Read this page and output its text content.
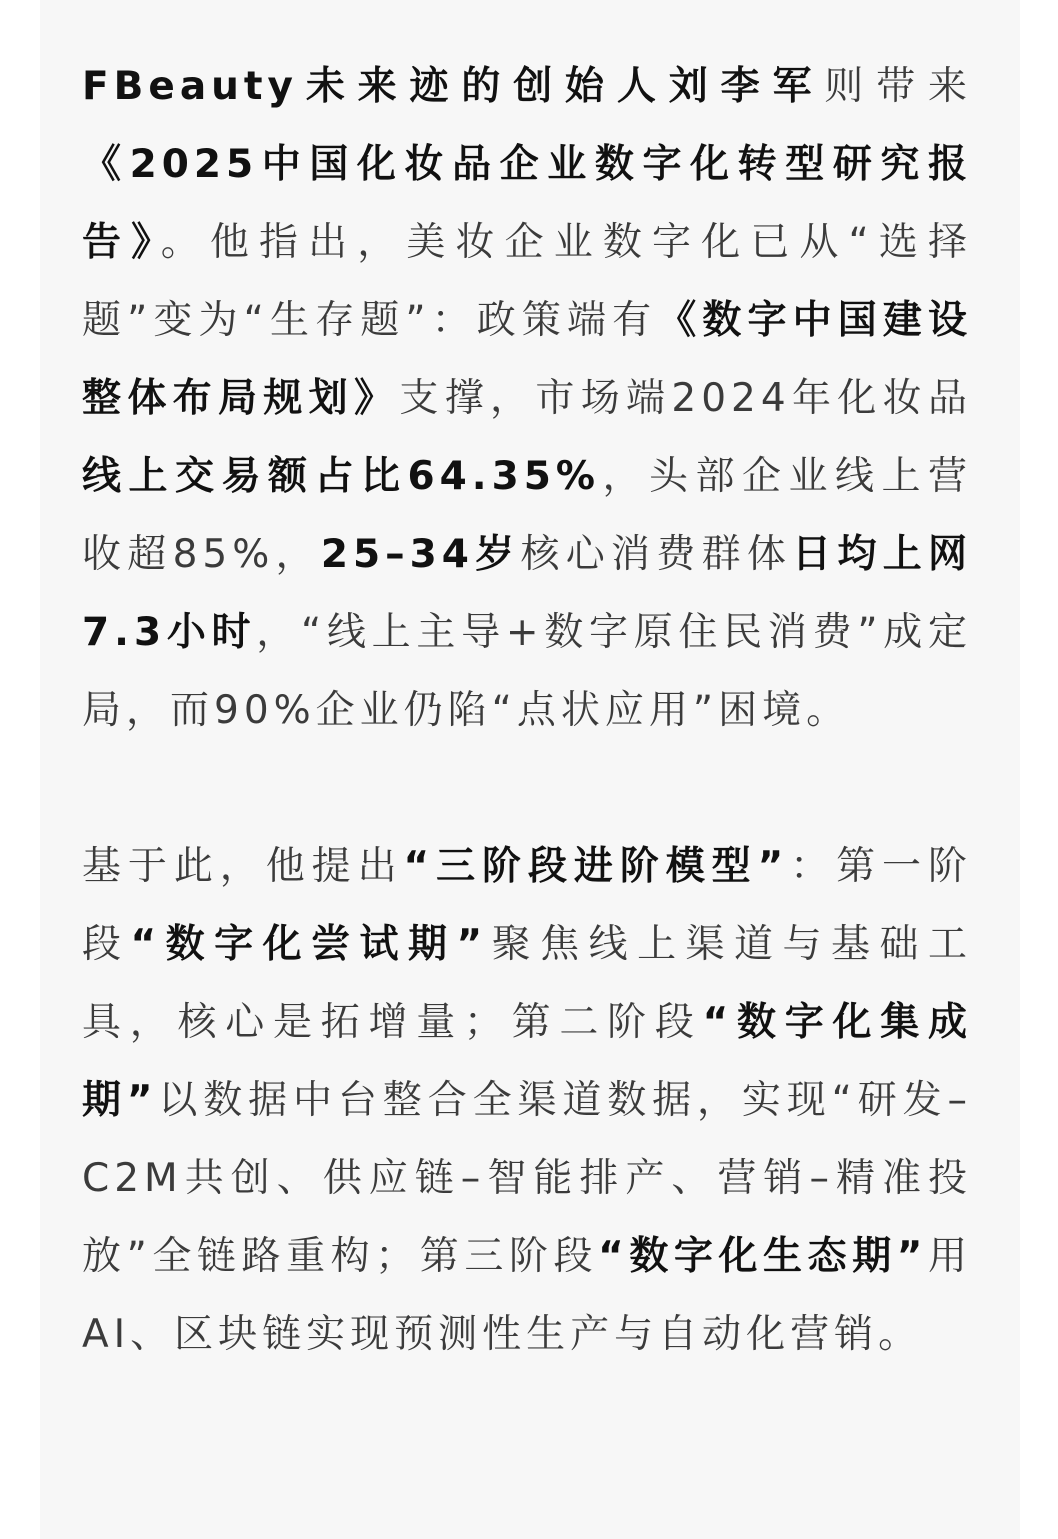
FBeauty未来迹的创始人刘李军则带来《2025中国化妆品企业数字化转型研究报告》。他指出，美妆企业数字化已从“选择题”变为“生存题”：政策端有《数字中国建设整体布局规划》支撑，市场端2024年化妆品线上交易额占比64.35%，头部企业线上营收超85%，25–34岁核心消费群体日均上网7.3小时，“线上主导+数字原住民消费”成定局，而90%企业仍陷“点状应用”困境。

基于此，他提出“三阶段进阶模型”：第一阶段“数字化尝试期”聚焦线上渠道与基础工具，核心是拓增量；第二阶段“数字化集成期”以数据中台整合全渠道数据，实现“研发–C2M共创、供应链–智能排产、营销–精准投放”全链路重构；第三阶段“数字化生态期”用AI、区块链实现预测性生产与自动化营销。
